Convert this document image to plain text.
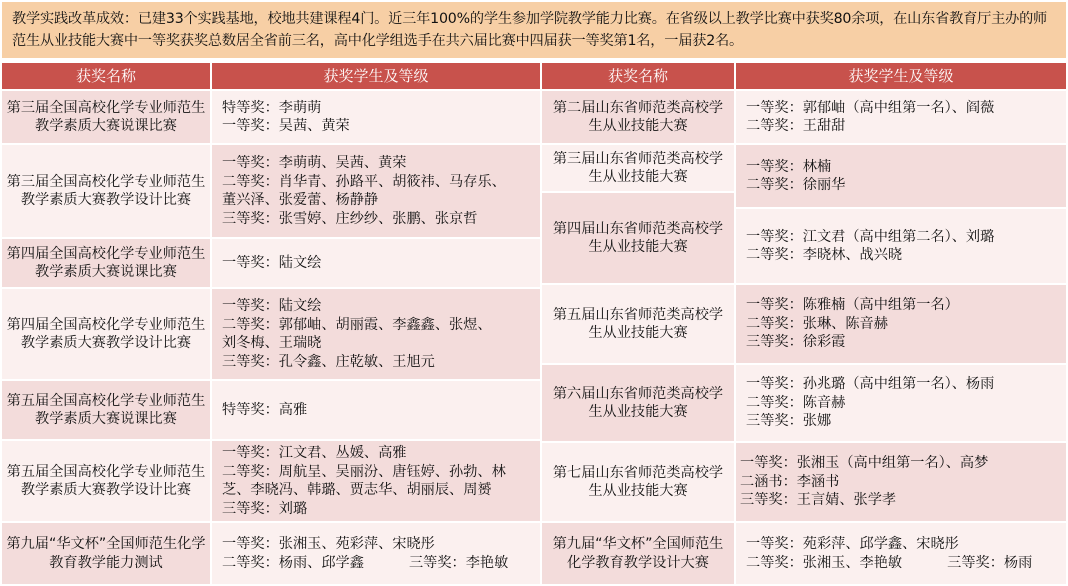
教学实践改革成效：已建33个实践基地，校地共建课程4门。近三年100%的学生参加学院教学能力比赛。在省级以上教学比赛中获奖80余项，在山东省教育厅主办的师范生从业技能大赛中一等奖获奖总数居全省前三名，高中化学组选手在共六届比赛中四届获一等奖第1名，一届获2名。
获奖名称	获奖学生及等级	获奖名称	获奖学生及等级
第三届全国高校化学专业师范生教学素质大赛说课比赛
特等奖：李萌萌
一等奖：吴茜、黄荣
第三届全国高校化学专业师范生教学素质大赛教学设计比赛
一等奖：李萌萌、吴茜、黄荣
二等奖：肖华青、孙路平、胡筱祎、马存乐、
董兴泽、张爱蕾、杨静静
三等奖：张雪婷、庄纱纱、张鹏、张京哲
第四届全国高校化学专业师范生教学素质大赛说课比赛
一等奖：陆文绘
第四届全国高校化学专业师范生教学素质大赛教学设计比赛
一等奖：陆文绘
二等奖：郭郁岫、胡丽霞、李鑫鑫、张煜、
刘冬梅、王瑞晓
三等奖：孔令鑫、庄乾敏、王旭元
第五届全国高校化学专业师范生教学素质大赛说课比赛
特等奖：高雅
第五届全国高校化学专业师范生教学素质大赛教学设计比赛
一等奖：江文君、丛媛、高雅
二等奖：周航呈、吴丽汾、唐钰婷、孙勃、林
芝、李晓冯、韩璐、贾志华、胡丽辰、周赟
三等奖：刘璐
第九届“华文杯”全国师范生化学教育教学能力测试
一等奖：张湘玉、苑彩萍、宋晓彤
二等奖：杨雨、邱学鑫          三等奖：李艳敏
第二届山东省师范类高校学生从业技能大赛
一等奖：郭郁岫（高中组第一名）、阎薇
二等奖：王甜甜
第三届山东省师范类高校学生从业技能大赛
一等奖：林楠
二等奖：徐丽华
第四届山东省师范类高校学生从业技能大赛
一等奖：江文君（高中组第二名）、刘璐
二等奖：李晓林、战兴晓
第五届山东省师范类高校学生从业技能大赛
一等奖：陈雅楠（高中组第一名）
二等奖：张琳、陈音赫
三等奖：徐彩霞
第六届山东省师范类高校学生从业技能大赛
一等奖：孙兆璐（高中组第一名）、杨雨
二等奖：陈音赫
三等奖：张娜
第七届山东省师范类高校学生从业技能大赛
一等奖：张湘玉（高中组第一名）、高梦
二涵书：李涵书
三等奖：王言婧、张学孝
第九届“华文杯”全国师范生化学教育教学设计大赛
一等奖：苑彩萍、邱学鑫、宋晓彤
二等奖：张湘玉、李艳敏          三等奖：杨雨
